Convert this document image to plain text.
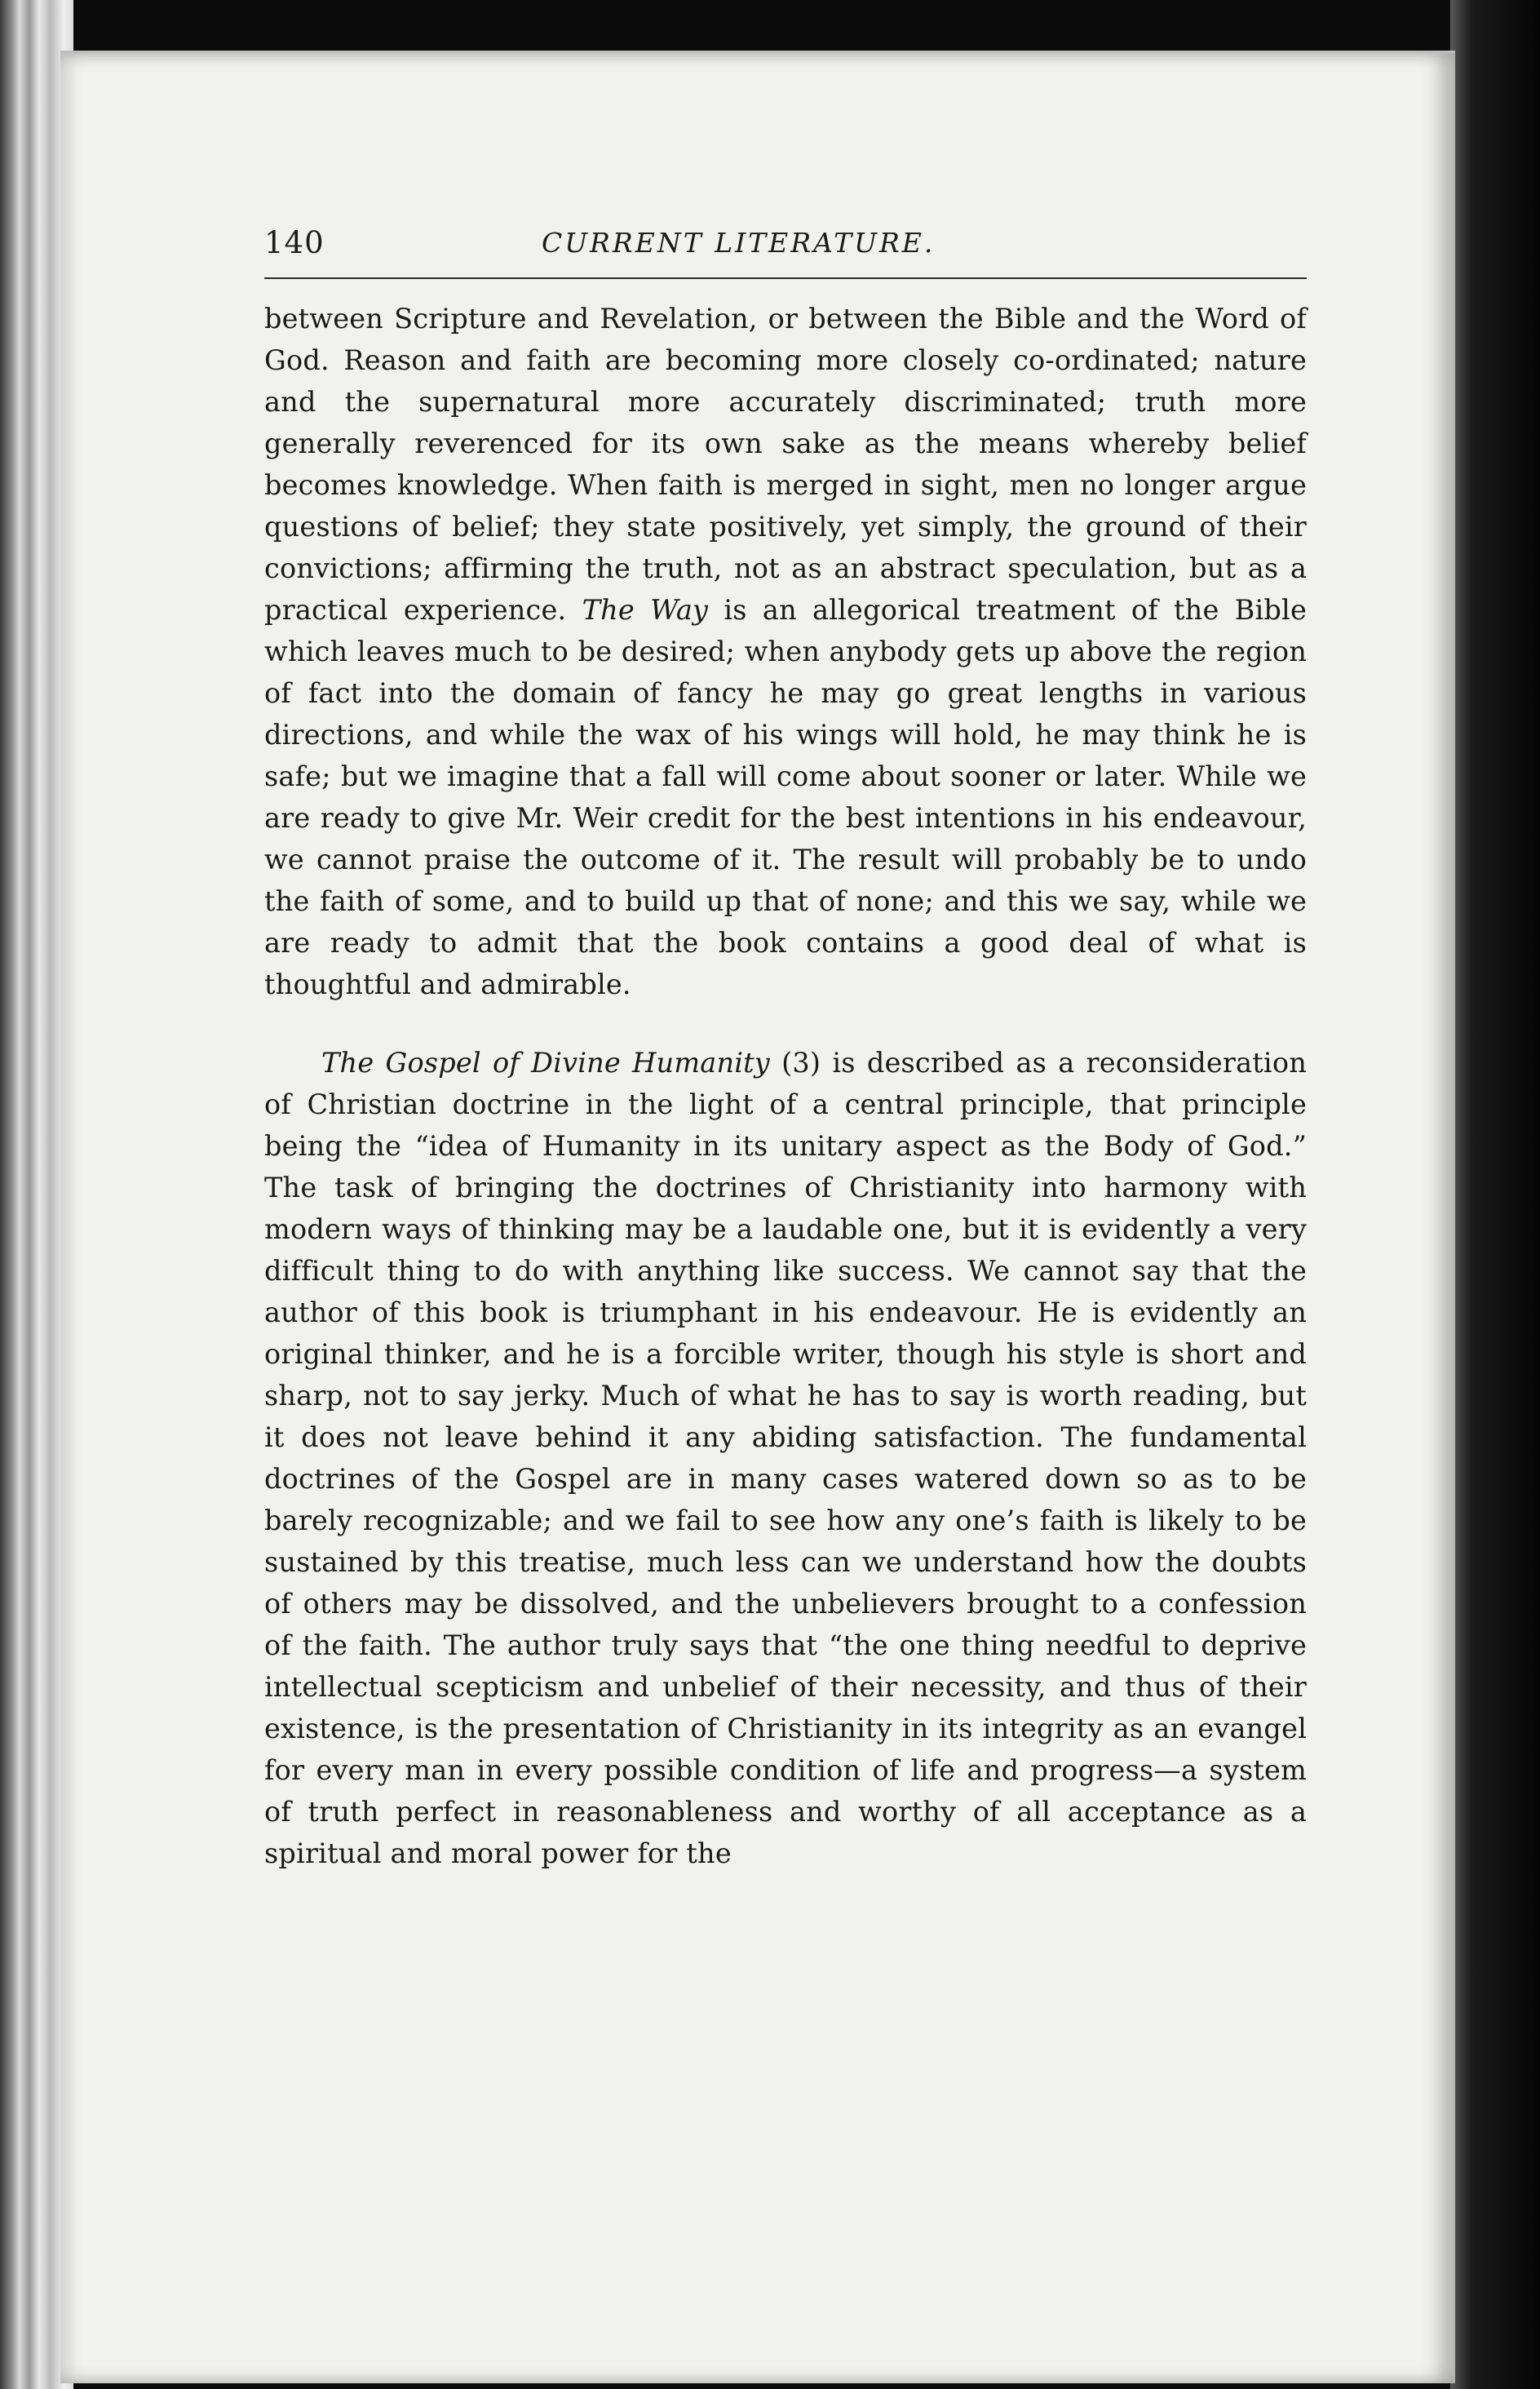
140	CURRENT LITERATURE.

between Scripture and Revelation, or between the Bible and the Word of God. Reason and faith are becoming more closely co-ordinated; nature and the supernatural more accurately discriminated; truth more generally reverenced for its own sake as the means whereby belief becomes knowledge. When faith is merged in sight, men no longer argue questions of belief; they state positively, yet simply, the ground of their convictions; affirming the truth, not as an abstract speculation, but as a practical experience. The Way is an allegorical treatment of the Bible which leaves much to be desired; when anybody gets up above the region of fact into the domain of fancy he may go great lengths in various directions, and while the wax of his wings will hold, he may think he is safe; but we imagine that a fall will come about sooner or later. While we are ready to give Mr. Weir credit for the best intentions in his endeavour, we cannot praise the outcome of it. The result will probably be to undo the faith of some, and to build up that of none; and this we say, while we are ready to admit that the book contains a good deal of what is thoughtful and admirable.

The Gospel of Divine Humanity (3) is described as a reconsideration of Christian doctrine in the light of a central principle, that principle being the “idea of Humanity in its unitary aspect as the Body of God.” The task of bringing the doctrines of Christianity into harmony with modern ways of thinking may be a laudable one, but it is evidently a very difficult thing to do with anything like success. We cannot say that the author of this book is triumphant in his endeavour. He is evidently an original thinker, and he is a forcible writer, though his style is short and sharp, not to say jerky. Much of what he has to say is worth reading, but it does not leave behind it any abiding satisfaction. The fundamental doctrines of the Gospel are in many cases watered down so as to be barely recognizable; and we fail to see how any one’s faith is likely to be sustained by this treatise, much less can we understand how the doubts of others may be dissolved, and the unbelievers brought to a confession of the faith. The author truly says that “the one thing needful to deprive intellectual scepticism and unbelief of their necessity, and thus of their existence, is the presentation of Christianity in its integrity as an evangel for every man in every possible condition of life and progress—a system of truth perfect in reasonableness and worthy of all acceptance as a spiritual and moral power for the
